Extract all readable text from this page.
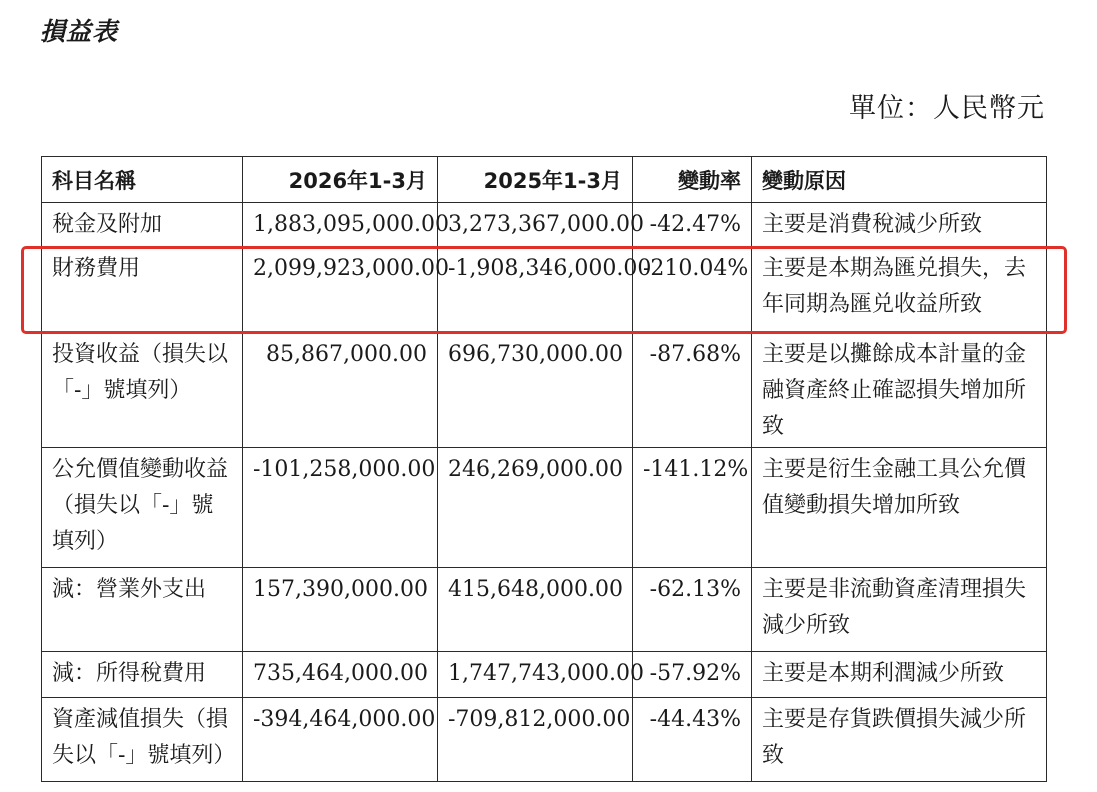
損益表
單位：人民幣元
科目名稱	2026年1-3月	2025年1-3月	變動率	變動原因
稅金及附加	1,883,095,000.00	3,273,367,000.00	-42.47%	主要是消費稅減少所致
財務費用	2,099,923,000.00	-1,908,346,000.00	-210.04%	主要是本期為匯兑損失，去年同期為匯兑收益所致
投資收益（損失以「-」號填列）	85,867,000.00	696,730,000.00	-87.68%	主要是以攤餘成本計量的金融資產終止確認損失增加所致
公允價值變動收益（損失以「-」號填列）	-101,258,000.00	246,269,000.00	-141.12%	主要是衍生金融工具公允價值變動損失增加所致
減：營業外支出	157,390,000.00	415,648,000.00	-62.13%	主要是非流動資產清理損失減少所致
減：所得稅費用	735,464,000.00	1,747,743,000.00	-57.92%	主要是本期利潤減少所致
資產減值損失（損失以「-」號填列）	-394,464,000.00	-709,812,000.00	-44.43%	主要是存貨跌價損失減少所致
